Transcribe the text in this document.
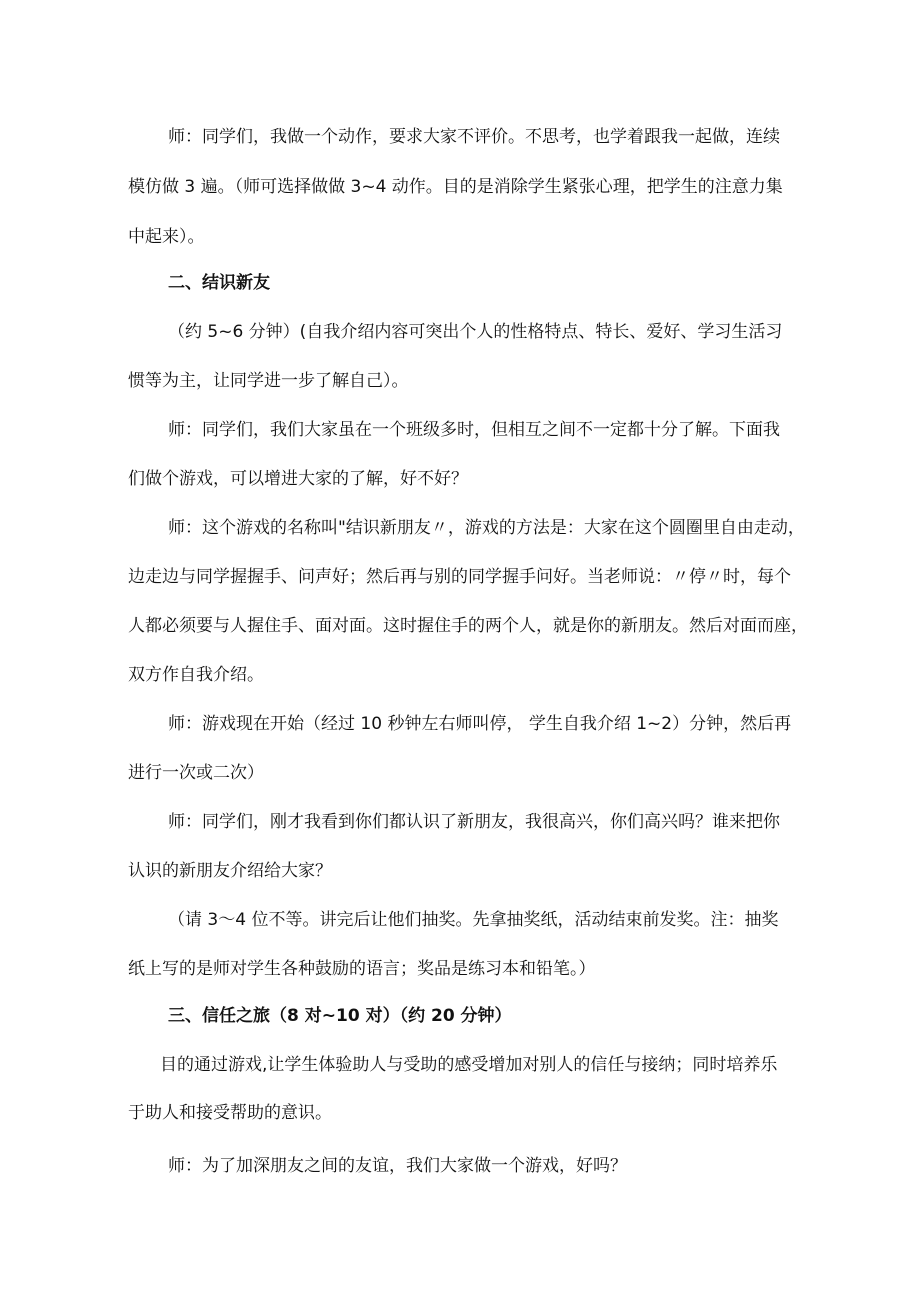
师：同学们，我做一个动作，要求大家不评价。不思考，也学着跟我一起做，连续
模仿做 3 遍。（师可选择做做 3~4 动作。目的是消除学生紧张心理，把学生的注意力集
中起来）。
二、结识新友
（约 5~6 分钟）(自我介绍内容可突出个人的性格特点、特长、爱好、学习生活习
惯等为主，让同学进一步了解自己）。
师：同学们，我们大家虽在一个班级多时，但相互之间不一定都十分了解。下面我
们做个游戏，可以增进大家的了解，好不好？
师：这个游戏的名称叫"结识新朋友〃，游戏的方法是：大家在这个圆圈里自由走动，
边走边与同学握握手、问声好；然后再与别的同学握手问好。当老师说：〃停〃时，每个
人都必须要与人握住手、面对面。这时握住手的两个人，就是你的新朋友。然后对面而座，
双方作自我介绍。
师：游戏现在开始（经过 10 秒钟左右师叫停， 学生自我介绍 1~2）分钟，然后再
进行一次或二次）
师：同学们，刚才我看到你们都认识了新朋友，我很高兴，你们高兴吗？谁来把你
认识的新朋友介绍给大家？
（请 3～4 位不等。讲完后让他们抽奖。先拿抽奖纸，活动结束前发奖。注：抽奖
纸上写的是师对学生各种鼓励的语言；奖品是练习本和铅笔。）
三、信任之旅（8 对~10 对）（约 20 分钟）
目的通过游戏,让学生体验助人与受助的感受增加对别人的信任与接纳；同时培养乐
于助人和接受帮助的意识。
师：为了加深朋友之间的友谊，我们大家做一个游戏，好吗？
